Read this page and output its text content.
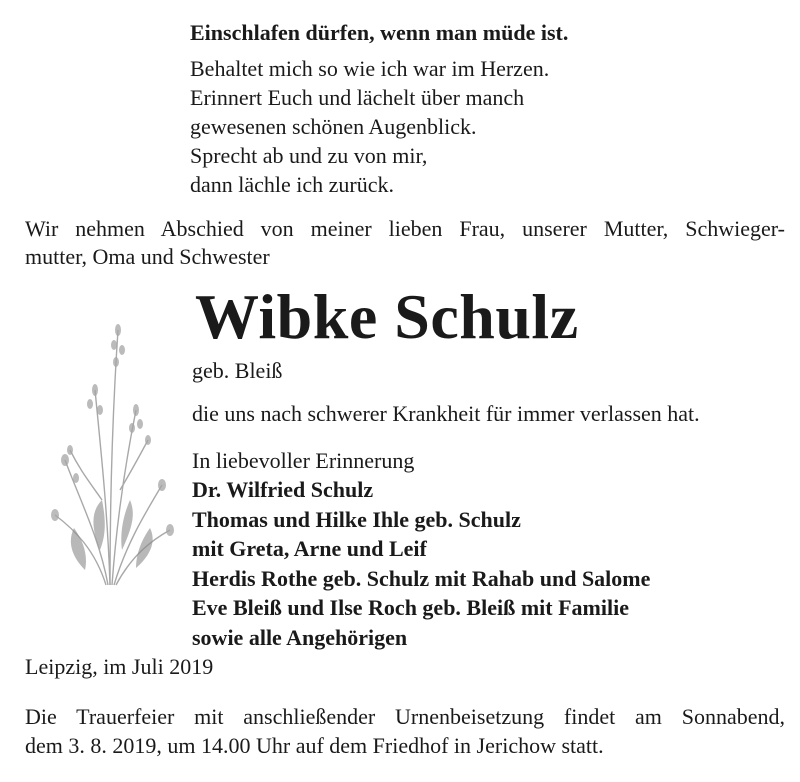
Einschlafen dürfen, wenn man müde ist.
Behaltet mich so wie ich war im Herzen.
Erinnert Euch und lächelt über manch
gewesenen schönen Augenblick.
Sprecht ab und zu von mir,
dann lächle ich zurück.
Wir nehmen Abschied von meiner lieben Frau, unserer Mutter, Schwieger-
mutter, Oma und Schwester
Wibke Schulz
geb. Bleiß
die uns nach schwerer Krankheit für immer verlassen hat.
In liebevoller Erinnerung
Dr. Wilfried Schulz
Thomas und Hilke Ihle geb. Schulz
mit Greta, Arne und Leif
Herdis Rothe geb. Schulz mit Rahab und Salome
Eve Bleiß und Ilse Roch geb. Bleiß mit Familie
sowie alle Angehörigen
Leipzig, im Juli 2019
Die Trauerfeier mit anschließender Urnenbeisetzung findet am Sonnabend,
dem 3. 8. 2019, um 14.00 Uhr auf dem Friedhof in Jerichow statt.
